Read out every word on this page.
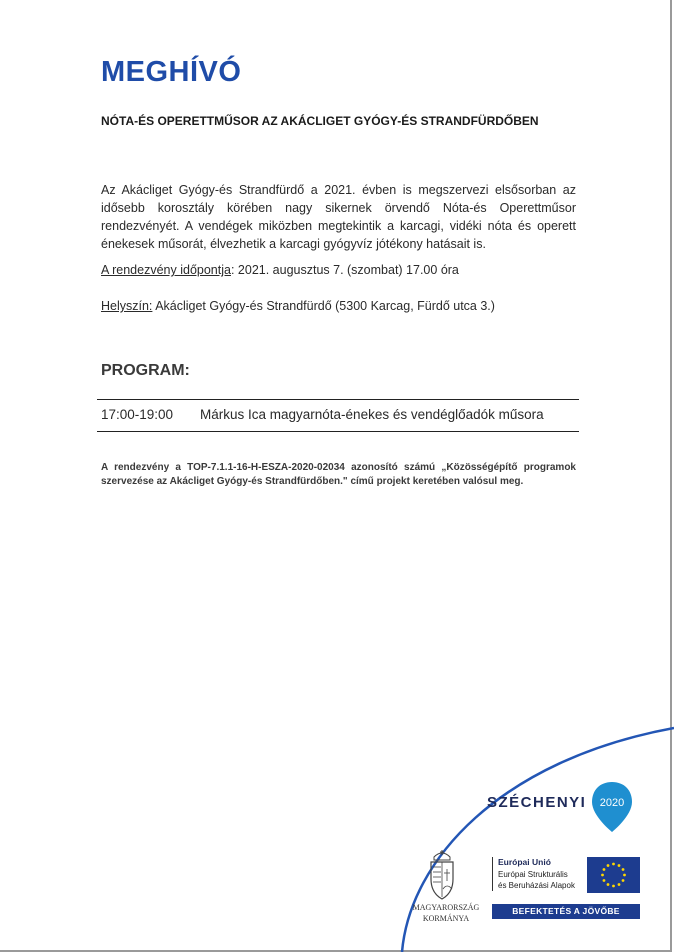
MEGHÍVÓ
NÓTA-ÉS OPERETTMŰSOR AZ AKÁCLIGET GYÓGY-ÉS STRANDFÜRDŐBEN

Az Akácliget Gyógy-és Strandfürdő a 2021. évben is megszervezi elsősorban az idősebb korosztály körében nagy sikernek örvendő Nóta-és Operettműsor rendezvényét. A vendégek miközben megtekintik a karcagi, vidéki nóta és operett énekesek műsorát, élvezhetik a karcagi gyógyvíz jótékony hatásait is.

A rendezvény időpontja: 2021. augusztus 7. (szombat) 17.00 óra

Helyszín: Akácliget Gyógy-és Strandfürdő (5300 Karcag, Fürdő utca 3.)

PROGRAM:
17:00-19:00 Márkus Ica magyarnóta-énekes és vendéglőadók műsora

A rendezvény a TOP-7.1.1-16-H-ESZA-2020-02034 azonosító számú „Közösségépítő programok szervezése az Akácliget Gyógy-és Strandfürdőben." című projekt keretében valósul meg.

SZÉCHENYI 2020
MAGYARORSZÁG
KORMÁNYA
Európai Unió
Európai Strukturális
és Beruházási Alapok
BEFEKTETÉS A JÖVŐBE
